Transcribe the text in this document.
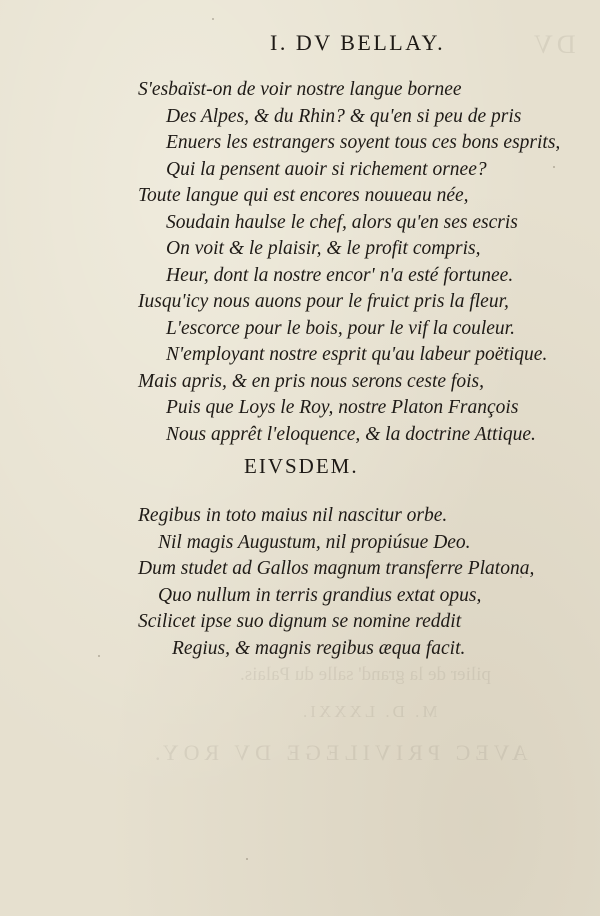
DV
pilier de la grand' salle du Palais.
M. D. LXXXI.
AVEC PRIVILEGE DV ROY.
I. DV BELLAY.
S'esbaïst-on de voir nostre langue bornee
Des Alpes, & du Rhin? & qu'en si peu de pris
Enuers les estrangers soyent tous ces bons esprits,
Qui la pensent auoir si richement ornee?
Toute langue qui est encores nouueau née,
Soudain haulse le chef, alors qu'en ses escris
On voit & le plaisir, & le profit compris,
Heur, dont la nostre encor' n'a esté fortunee.
Iusqu'icy nous auons pour le fruict pris la fleur,
L'escorce pour le bois, pour le vif la couleur.
N'employant nostre esprit qu'au labeur poëtique.
Mais apris, & en pris nous serons ceste fois,
Puis que Loys le Roy, nostre Platon François
Nous apprêt l'eloquence, & la doctrine Attique.
EIVSDEM.
Regibus in toto maius nil nascitur orbe.
Nil magis Augustum, nil propiúsue Deo.
Dum studet ad Gallos magnum transferre Platona,
Quo nullum in terris grandius extat opus,
Scilicet ipse suo dignum se nomine reddit
Regius, & magnis regibus æqua facit.
